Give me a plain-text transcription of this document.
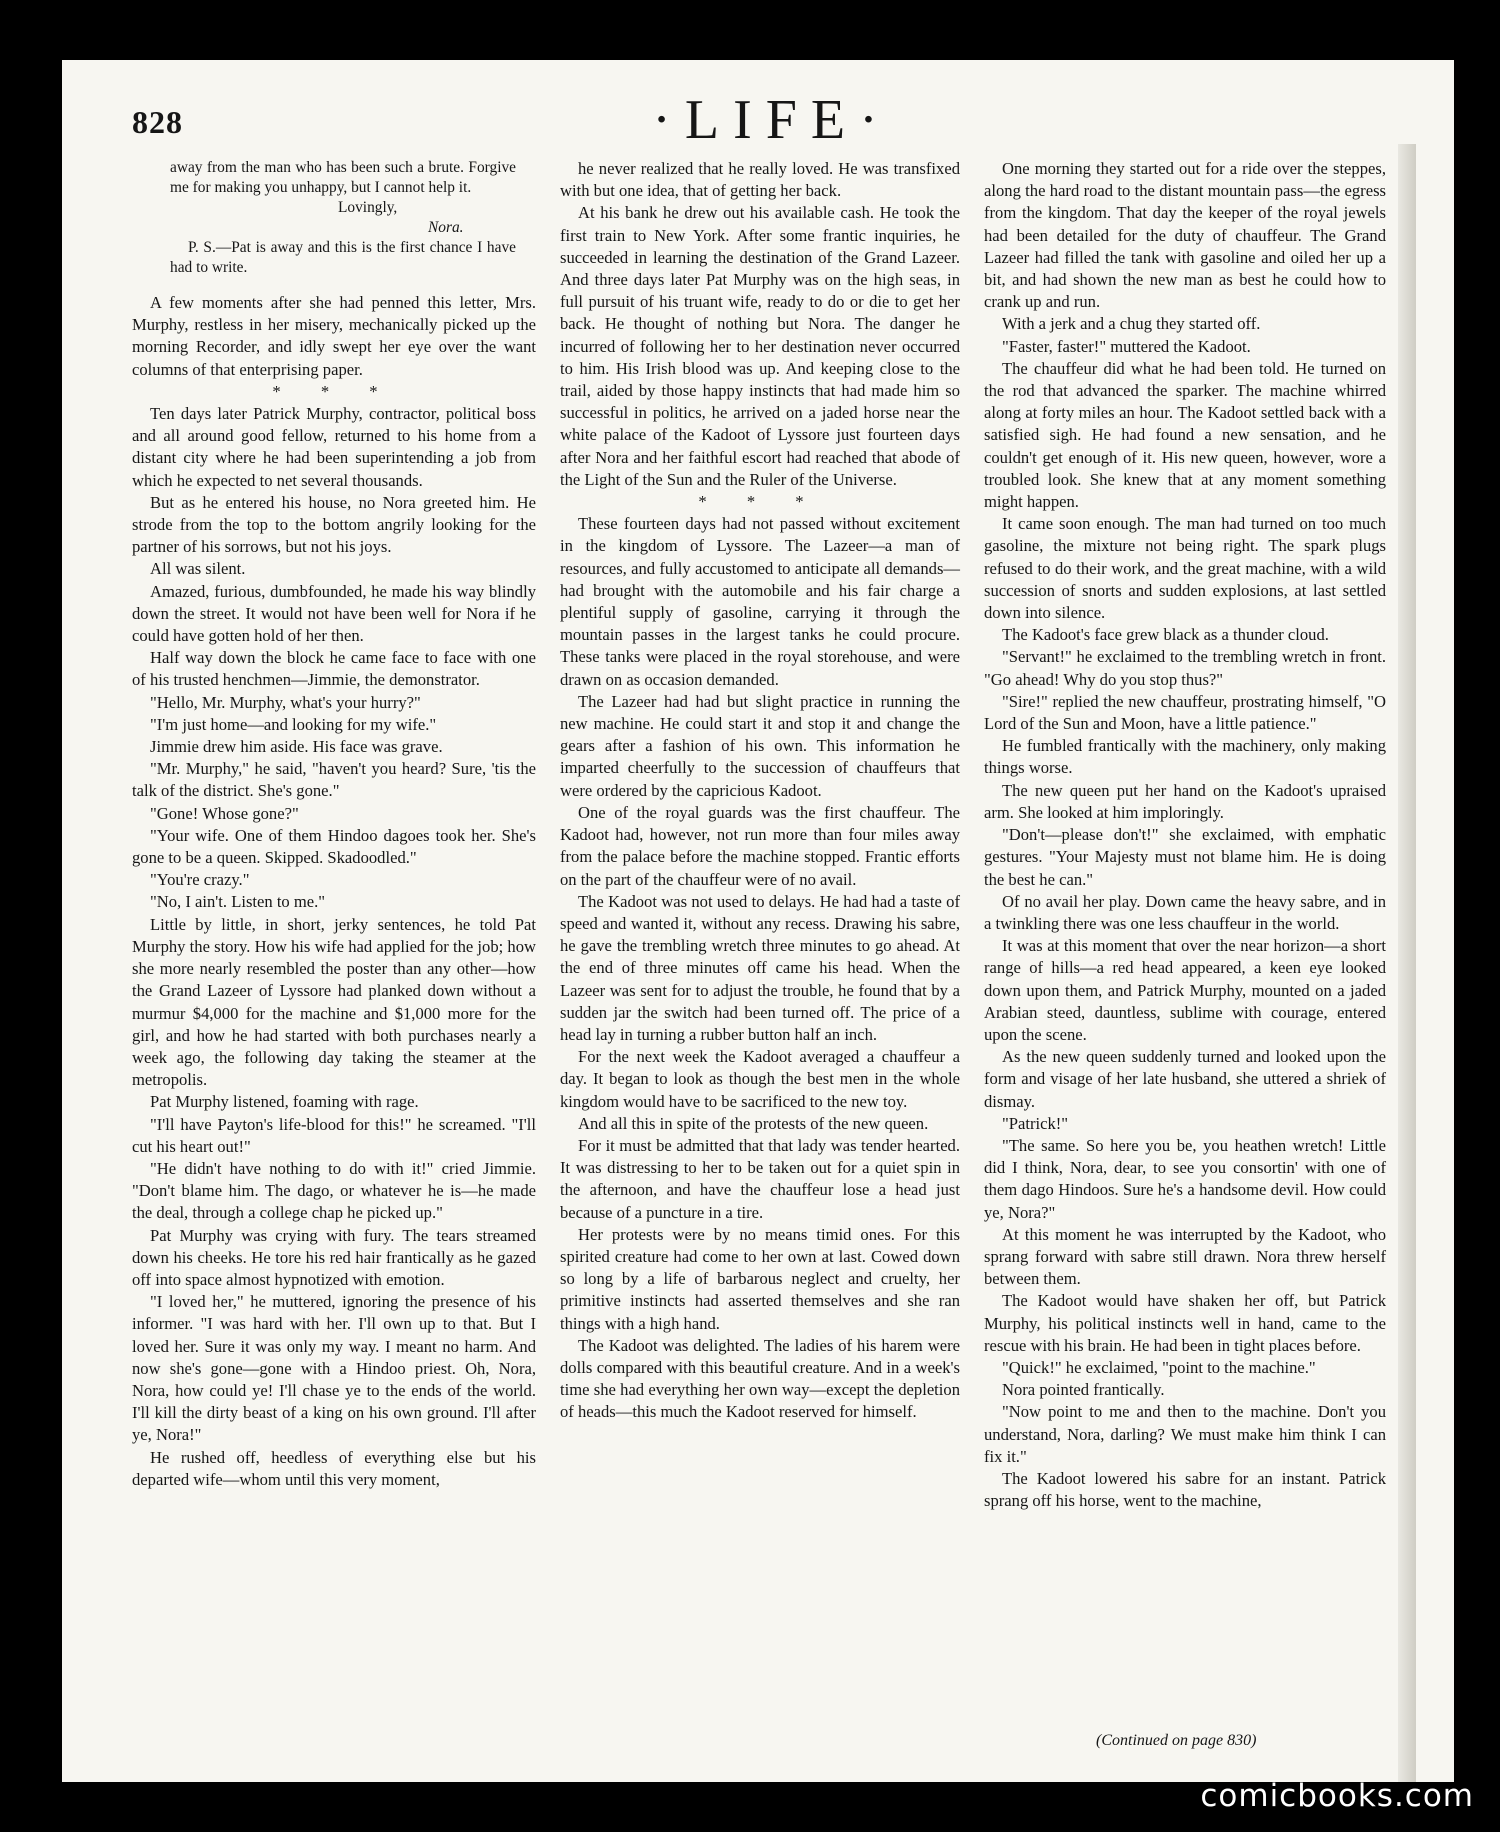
828	·LIFE·

away from the man who has been such a brute. Forgive me for making you unhappy, but I cannot help it.

Lovingly,

Nora.

P. S.—Pat is away and this is the first chance I have had to write.

A few moments after she had penned this letter, Mrs. Murphy, restless in her misery, mechanically picked up the morning Recorder, and idly swept her eye over the want columns of that enterprising paper.

* * *

Ten days later Patrick Murphy, contractor, political boss and all around good fellow, returned to his home from a distant city where he had been superintending a job from which he expected to net several thousands.

But as he entered his house, no Nora greeted him. He strode from the top to the bottom angrily looking for the partner of his sorrows, but not his joys.

All was silent.

Amazed, furious, dumbfounded, he made his way blindly down the street. It would not have been well for Nora if he could have gotten hold of her then.

Half way down the block he came face to face with one of his trusted henchmen—Jimmie, the demonstrator.

"Hello, Mr. Murphy, what's your hurry?"

"I'm just home—and looking for my wife."

Jimmie drew him aside. His face was grave.

"Mr. Murphy," he said, "haven't you heard? Sure, 'tis the talk of the district. She's gone."

"Gone! Whose gone?"

"Your wife. One of them Hindoo dagoes took her. She's gone to be a queen. Skipped. Skadoodled."

"You're crazy."

"No, I ain't. Listen to me."

Little by little, in short, jerky sentences, he told Pat Murphy the story. How his wife had applied for the job; how she more nearly resembled the poster than any other—how the Grand Lazeer of Lyssore had planked down without a murmur $4,000 for the machine and $1,000 more for the girl, and how he had started with both purchases nearly a week ago, the following day taking the steamer at the metropolis.

Pat Murphy listened, foaming with rage.

"I'll have Payton's life-blood for this!" he screamed. "I'll cut his heart out!"

"He didn't have nothing to do with it!" cried Jimmie. "Don't blame him. The dago, or whatever he is—he made the deal, through a college chap he picked up."

Pat Murphy was crying with fury. The tears streamed down his cheeks. He tore his red hair frantically as he gazed off into space almost hypnotized with emotion.

"I loved her," he muttered, ignoring the presence of his informer. "I was hard with her. I'll own up to that. But I loved her. Sure it was only my way. I meant no harm. And now she's gone—gone with a Hindoo priest. Oh, Nora, Nora, how could ye! I'll chase ye to the ends of the world. I'll kill the dirty beast of a king on his own ground. I'll after ye, Nora!"

He rushed off, heedless of everything else but his departed wife—whom until this very moment,

he never realized that he really loved. He was transfixed with but one idea, that of getting her back.

At his bank he drew out his available cash. He took the first train to New York. After some frantic inquiries, he succeeded in learning the destination of the Grand Lazeer. And three days later Pat Murphy was on the high seas, in full pursuit of his truant wife, ready to do or die to get her back. He thought of nothing but Nora. The danger he incurred of following her to her destination never occurred to him. His Irish blood was up. And keeping close to the trail, aided by those happy instincts that had made him so successful in politics, he arrived on a jaded horse near the white palace of the Kadoot of Lyssore just fourteen days after Nora and her faithful escort had reached that abode of the Light of the Sun and the Ruler of the Universe.

* * *

These fourteen days had not passed without excitement in the kingdom of Lyssore. The Lazeer—a man of resources, and fully accustomed to anticipate all demands—had brought with the automobile and his fair charge a plentiful supply of gasoline, carrying it through the mountain passes in the largest tanks he could procure. These tanks were placed in the royal storehouse, and were drawn on as occasion demanded.

The Lazeer had had but slight practice in running the new machine. He could start it and stop it and change the gears after a fashion of his own. This information he imparted cheerfully to the succession of chauffeurs that were ordered by the capricious Kadoot.

One of the royal guards was the first chauffeur. The Kadoot had, however, not run more than four miles away from the palace before the machine stopped. Frantic efforts on the part of the chauffeur were of no avail.

The Kadoot was not used to delays. He had had a taste of speed and wanted it, without any recess. Drawing his sabre, he gave the trembling wretch three minutes to go ahead. At the end of three minutes off came his head. When the Lazeer was sent for to adjust the trouble, he found that by a sudden jar the switch had been turned off. The price of a head lay in turning a rubber button half an inch.

For the next week the Kadoot averaged a chauffeur a day. It began to look as though the best men in the whole kingdom would have to be sacrificed to the new toy.

And all this in spite of the protests of the new queen.

For it must be admitted that that lady was tender hearted. It was distressing to her to be taken out for a quiet spin in the afternoon, and have the chauffeur lose a head just because of a puncture in a tire.

Her protests were by no means timid ones. For this spirited creature had come to her own at last. Cowed down so long by a life of barbarous neglect and cruelty, her primitive instincts had asserted themselves and she ran things with a high hand.

The Kadoot was delighted. The ladies of his harem were dolls compared with this beautiful creature. And in a week's time she had everything her own way—except the depletion of heads—this much the Kadoot reserved for himself.

One morning they started out for a ride over the steppes, along the hard road to the distant mountain pass—the egress from the kingdom. That day the keeper of the royal jewels had been detailed for the duty of chauffeur. The Grand Lazeer had filled the tank with gasoline and oiled her up a bit, and had shown the new man as best he could how to crank up and run.

With a jerk and a chug they started off.

"Faster, faster!" muttered the Kadoot.

The chauffeur did what he had been told. He turned on the rod that advanced the sparker. The machine whirred along at forty miles an hour. The Kadoot settled back with a satisfied sigh. He had found a new sensation, and he couldn't get enough of it. His new queen, however, wore a troubled look. She knew that at any moment something might happen.

It came soon enough. The man had turned on too much gasoline, the mixture not being right. The spark plugs refused to do their work, and the great machine, with a wild succession of snorts and sudden explosions, at last settled down into silence.

The Kadoot's face grew black as a thunder cloud.

"Servant!" he exclaimed to the trembling wretch in front. "Go ahead! Why do you stop thus?"

"Sire!" replied the new chauffeur, prostrating himself, "O Lord of the Sun and Moon, have a little patience."

He fumbled frantically with the machinery, only making things worse.

The new queen put her hand on the Kadoot's upraised arm. She looked at him imploringly.

"Don't—please don't!" she exclaimed, with emphatic gestures. "Your Majesty must not blame him. He is doing the best he can."

Of no avail her play. Down came the heavy sabre, and in a twinkling there was one less chauffeur in the world.

It was at this moment that over the near horizon—a short range of hills—a red head appeared, a keen eye looked down upon them, and Patrick Murphy, mounted on a jaded Arabian steed, dauntless, sublime with courage, entered upon the scene.

As the new queen suddenly turned and looked upon the form and visage of her late husband, she uttered a shriek of dismay.

"Patrick!"

"The same. So here you be, you heathen wretch! Little did I think, Nora, dear, to see you consortin' with one of them dago Hindoos. Sure he's a handsome devil. How could ye, Nora?"

At this moment he was interrupted by the Kadoot, who sprang forward with sabre still drawn. Nora threw herself between them.

The Kadoot would have shaken her off, but Patrick Murphy, his political instincts well in hand, came to the rescue with his brain. He had been in tight places before.

"Quick!" he exclaimed, "point to the machine."

Nora pointed frantically.

"Now point to me and then to the machine. Don't you understand, Nora, darling? We must make him think I can fix it."

The Kadoot lowered his sabre for an instant. Patrick sprang off his horse, went to the machine,

(Continued on page 830)
comicbooks.com
